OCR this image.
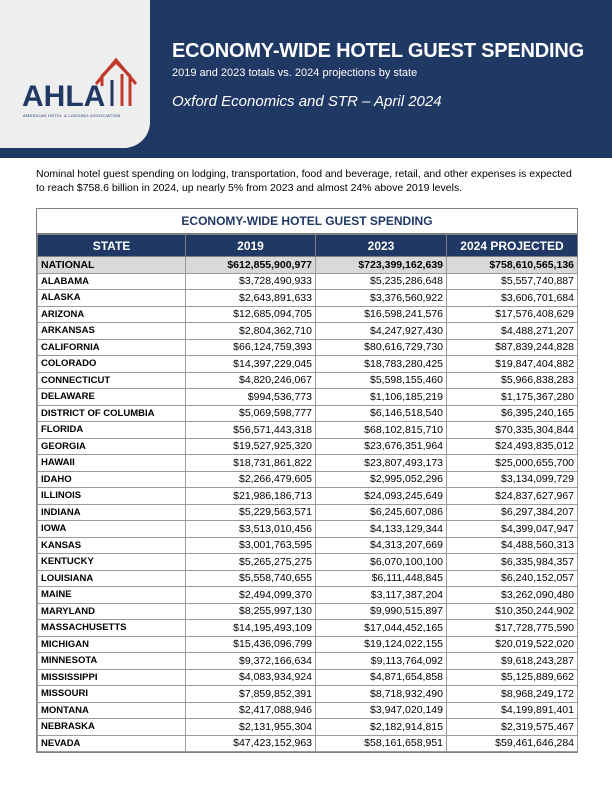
AHLA
AMERICAN HOTEL & LODGING ASSOCIATION
ECONOMY-WIDE HOTEL GUEST SPENDING
2019 and 2023 totals vs. 2024 projections by state
Oxford Economics and STR – April 2024
Nominal hotel guest spending on lodging, transportation, food and beverage, retail, and other expenses is expected to reach $758.6 billion in 2024, up nearly 5% from 2023 and almost 24% above 2019 levels.
ECONOMY-WIDE HOTEL GUEST SPENDING
STATE	2019	2023	2024 PROJECTED
NATIONAL	$612,855,900,977	$723,399,162,639	$758,610,565,136
ALABAMA	$3,728,490,933	$5,235,286,648	$5,557,740,887
ALASKA	$2,643,891,633	$3,376,560,922	$3,606,701,684
ARIZONA	$12,685,094,705	$16,598,241,576	$17,576,408,629
ARKANSAS	$2,804,362,710	$4,247,927,430	$4,488,271,207
CALIFORNIA	$66,124,759,393	$80,616,729,730	$87,839,244,828
COLORADO	$14,397,229,045	$18,783,280,425	$19,847,404,882
CONNECTICUT	$4,820,246,067	$5,598,155,460	$5,966,838,283
DELAWARE	$994,536,773	$1,106,185,219	$1,175,367,280
DISTRICT OF COLUMBIA	$5,069,598,777	$6,146,518,540	$6,395,240,165
FLORIDA	$56,571,443,318	$68,102,815,710	$70,335,304,844
GEORGIA	$19,527,925,320	$23,676,351,964	$24,493,835,012
HAWAII	$18,731,861,822	$23,807,493,173	$25,000,655,700
IDAHO	$2,266,479,605	$2,995,052,296	$3,134,099,729
ILLINOIS	$21,986,186,713	$24,093,245,649	$24,837,627,967
INDIANA	$5,229,563,571	$6,245,607,086	$6,297,384,207
IOWA	$3,513,010,456	$4,133,129,344	$4,399,047,947
KANSAS	$3,001,763,595	$4,313,207,669	$4,488,560,313
KENTUCKY	$5,265,275,275	$6,070,100,100	$6,335,984,357
LOUISIANA	$5,558,740,655	$6,111,448,845	$6,240,152,057
MAINE	$2,494,099,370	$3,117,387,204	$3,262,090,480
MARYLAND	$8,255,997,130	$9,990,515,897	$10,350,244,902
MASSACHUSETTS	$14,195,493,109	$17,044,452,165	$17,728,775,590
MICHIGAN	$15,436,096,799	$19,124,022,155	$20,019,522,020
MINNESOTA	$9,372,166,634	$9,113,764,092	$9,618,243,287
MISSISSIPPI	$4,083,934,924	$4,871,654,858	$5,125,889,662
MISSOURI	$7,859,852,391	$8,718,932,490	$8,968,249,172
MONTANA	$2,417,088,946	$3,947,020,149	$4,199,891,401
NEBRASKA	$2,131,955,304	$2,182,914,815	$2,319,575,467
NEVADA	$47,423,152,963	$58,161,658,951	$59,461,646,284
